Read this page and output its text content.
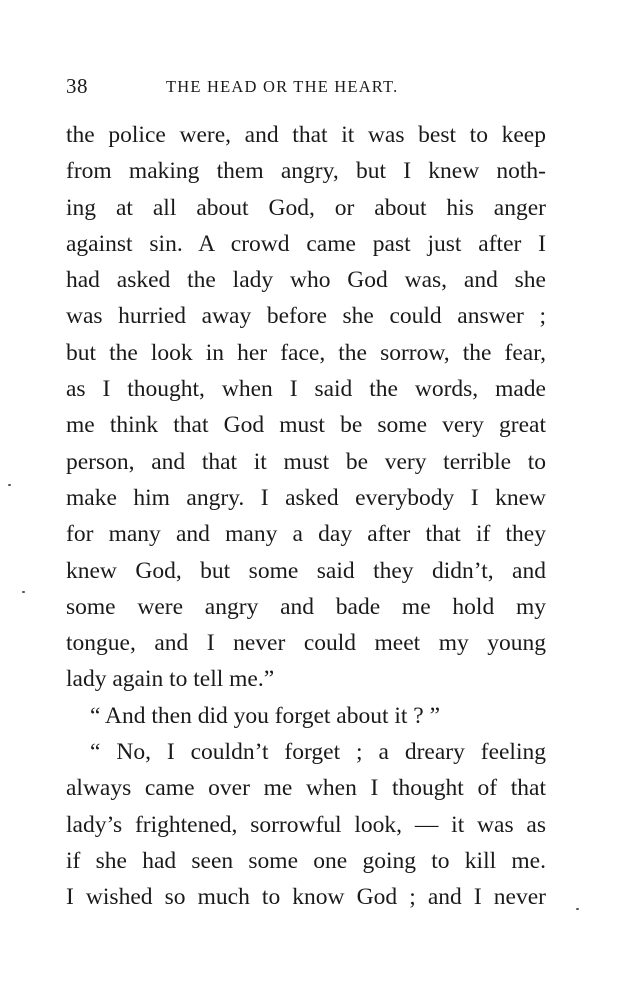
38	THE HEAD OR THE HEART.
the police were, and that it was best to keep
from making them angry, but I knew noth-
ing at all about God, or about his anger
against sin. A crowd came past just after I
had asked the lady who God was, and she
was hurried away before she could answer ;
but the look in her face, the sorrow, the fear,
as I thought, when I said the words, made
me think that God must be some very great
person, and that it must be very terrible to
make him angry. I asked everybody I knew
for many and many a day after that if they
knew God, but some said they didn’t, and
some were angry and bade me hold my
tongue, and I never could meet my young
lady again to tell me.”
“ And then did you forget about it ? ”
“ No, I couldn’t forget ; a dreary feeling
always came over me when I thought of that
lady’s frightened, sorrowful look, — it was as
if she had seen some one going to kill me.
I wished so much to know God ; and I never
